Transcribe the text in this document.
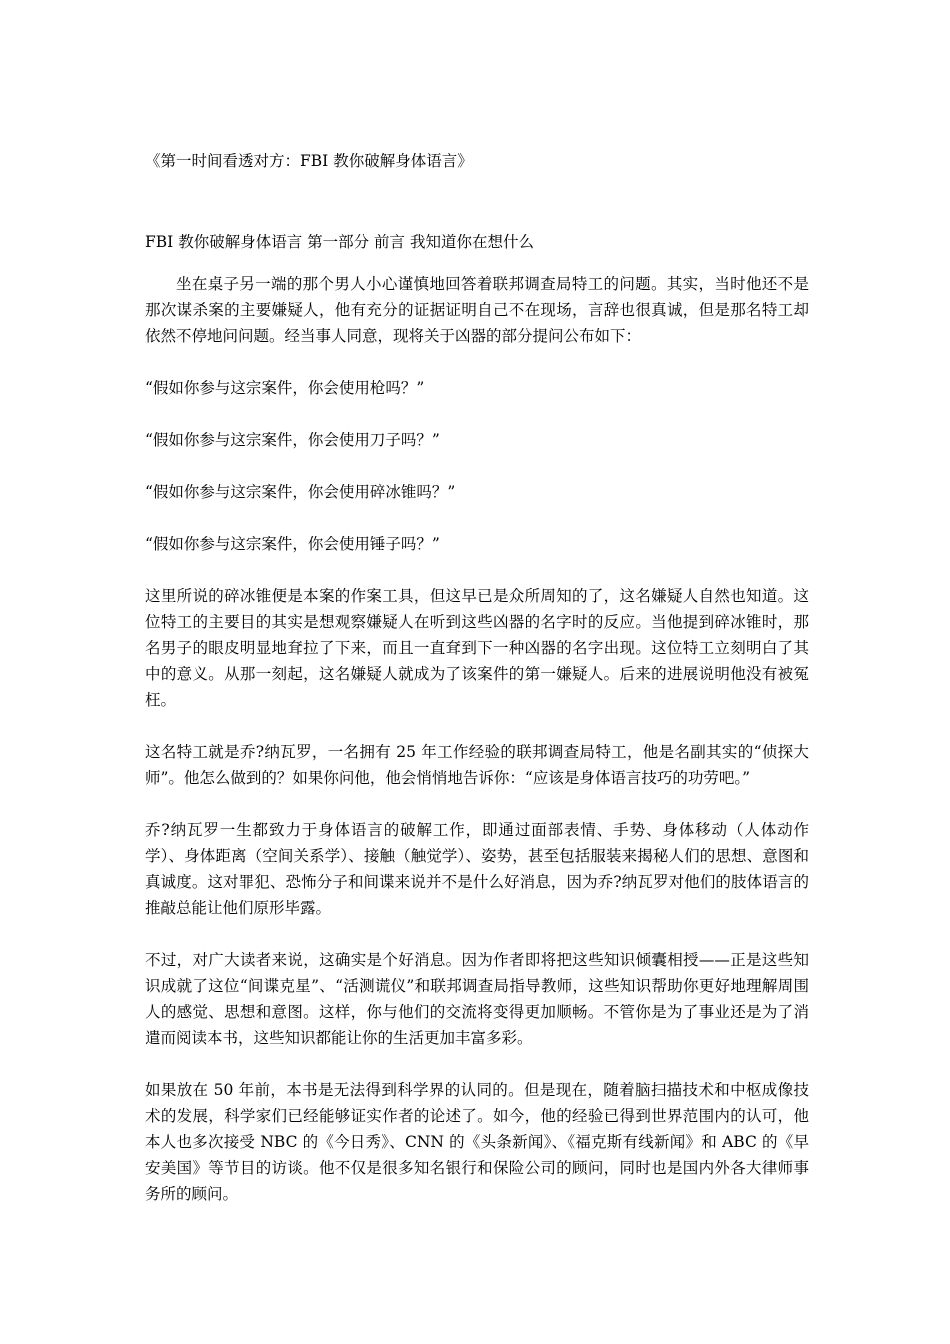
《第一时间看透对方：FBI 教你破解身体语言》

FBI 教你破解身体语言 第一部分 前言 我知道你在想什么

坐在桌子另一端的那个男人小心谨慎地回答着联邦调查局特工的问题。其实，当时他还不是那次谋杀案的主要嫌疑人，他有充分的证据证明自己不在现场，言辞也很真诚，但是那名特工却依然不停地问问题。经当事人同意，现将关于凶器的部分提问公布如下：

“假如你参与这宗案件，你会使用枪吗？”

“假如你参与这宗案件，你会使用刀子吗？”

“假如你参与这宗案件，你会使用碎冰锥吗？”

“假如你参与这宗案件，你会使用锤子吗？”

这里所说的碎冰锥便是本案的作案工具，但这早已是众所周知的了，这名嫌疑人自然也知道。这位特工的主要目的其实是想观察嫌疑人在听到这些凶器的名字时的反应。当他提到碎冰锥时，那名男子的眼皮明显地耷拉了下来，而且一直耷到下一种凶器的名字出现。这位特工立刻明白了其中的意义。从那一刻起，这名嫌疑人就成为了该案件的第一嫌疑人。后来的进展说明他没有被冤枉。

这名特工就是乔?纳瓦罗，一名拥有 25 年工作经验的联邦调查局特工，他是名副其实的“侦探大师”。他怎么做到的？如果你问他，他会悄悄地告诉你：“应该是身体语言技巧的功劳吧。”

乔?纳瓦罗一生都致力于身体语言的破解工作，即通过面部表情、手势、身体移动（人体动作学）、身体距离（空间关系学）、接触（触觉学）、姿势，甚至包括服装来揭秘人们的思想、意图和真诚度。这对罪犯、恐怖分子和间谍来说并不是什么好消息，因为乔?纳瓦罗对他们的肢体语言的推敲总能让他们原形毕露。

不过，对广大读者来说，这确实是个好消息。因为作者即将把这些知识倾囊相授——正是这些知识成就了这位“间谍克星”、“活测谎仪”和联邦调查局指导教师，这些知识帮助你更好地理解周围人的感觉、思想和意图。这样，你与他们的交流将变得更加顺畅。不管你是为了事业还是为了消遣而阅读本书，这些知识都能让你的生活更加丰富多彩。

如果放在 50 年前，本书是无法得到科学界的认同的。但是现在，随着脑扫描技术和中枢成像技术的发展，科学家们已经能够证实作者的论述了。如今，他的经验已得到世界范围内的认可，他本人也多次接受 NBC 的《今日秀》、CNN 的《头条新闻》、《福克斯有线新闻》和 ABC 的《早安美国》等节目的访谈。他不仅是很多知名银行和保险公司的顾问，同时也是国内外各大律师事务所的顾问。
